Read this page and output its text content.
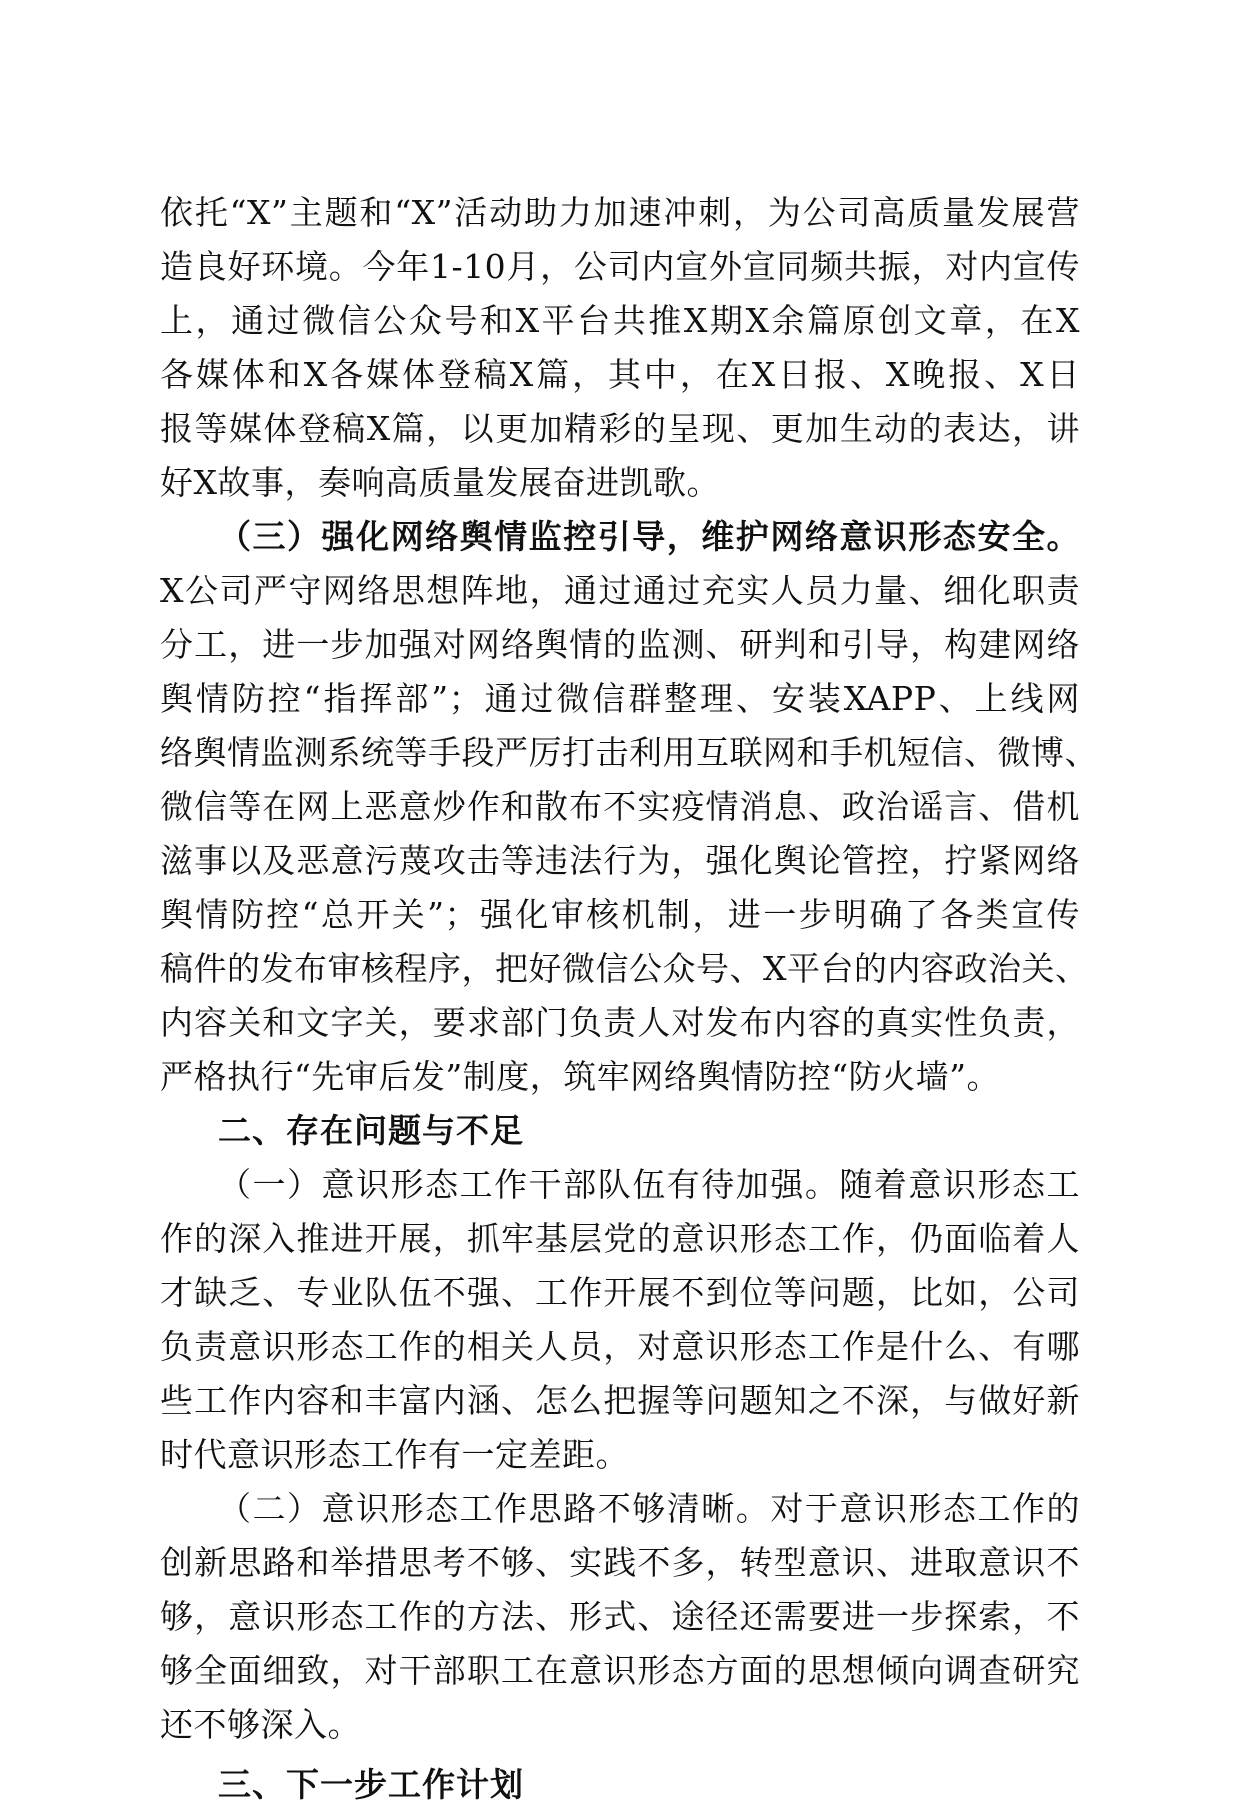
依托“X”主题和“X”活动助力加速冲刺，为公司高质量发展营
造良好环境。今年1-10月，公司内宣外宣同频共振，对内宣传
上，通过微信公众号和X平台共推X期X余篇原创文章，在X
各媒体和X各媒体登稿X篇，其中，在X日报、X晚报、X日
报等媒体登稿X篇，以更加精彩的呈现、更加生动的表达，讲
好X故事，奏响高质量发展奋进凯歌。
（三）强化网络舆情监控引导，维护网络意识形态安全。
X公司严守网络思想阵地，通过通过充实人员力量、细化职责
分工，进一步加强对网络舆情的监测、研判和引导，构建网络
舆情防控“指挥部”；通过微信群整理、安装XAPP、上线网
络舆情监测系统等手段严厉打击利用互联网和手机短信、微博、
微信等在网上恶意炒作和散布不实疫情消息、政治谣言、借机
滋事以及恶意污蔑攻击等违法行为，强化舆论管控，拧紧网络
舆情防控“总开关”；强化审核机制，进一步明确了各类宣传
稿件的发布审核程序，把好微信公众号、X平台的内容政治关、
内容关和文字关，要求部门负责人对发布内容的真实性负责，
严格执行“先审后发”制度，筑牢网络舆情防控“防火墙”。
二、存在问题与不足
（一）意识形态工作干部队伍有待加强。随着意识形态工
作的深入推进开展，抓牢基层党的意识形态工作，仍面临着人
才缺乏、专业队伍不强、工作开展不到位等问题，比如，公司
负责意识形态工作的相关人员，对意识形态工作是什么、有哪
些工作内容和丰富内涵、怎么把握等问题知之不深，与做好新
时代意识形态工作有一定差距。
（二）意识形态工作思路不够清晰。对于意识形态工作的
创新思路和举措思考不够、实践不多，转型意识、进取意识不
够，意识形态工作的方法、形式、途径还需要进一步探索，不
够全面细致，对干部职工在意识形态方面的思想倾向调查研究
还不够深入。
三、下一步工作计划
